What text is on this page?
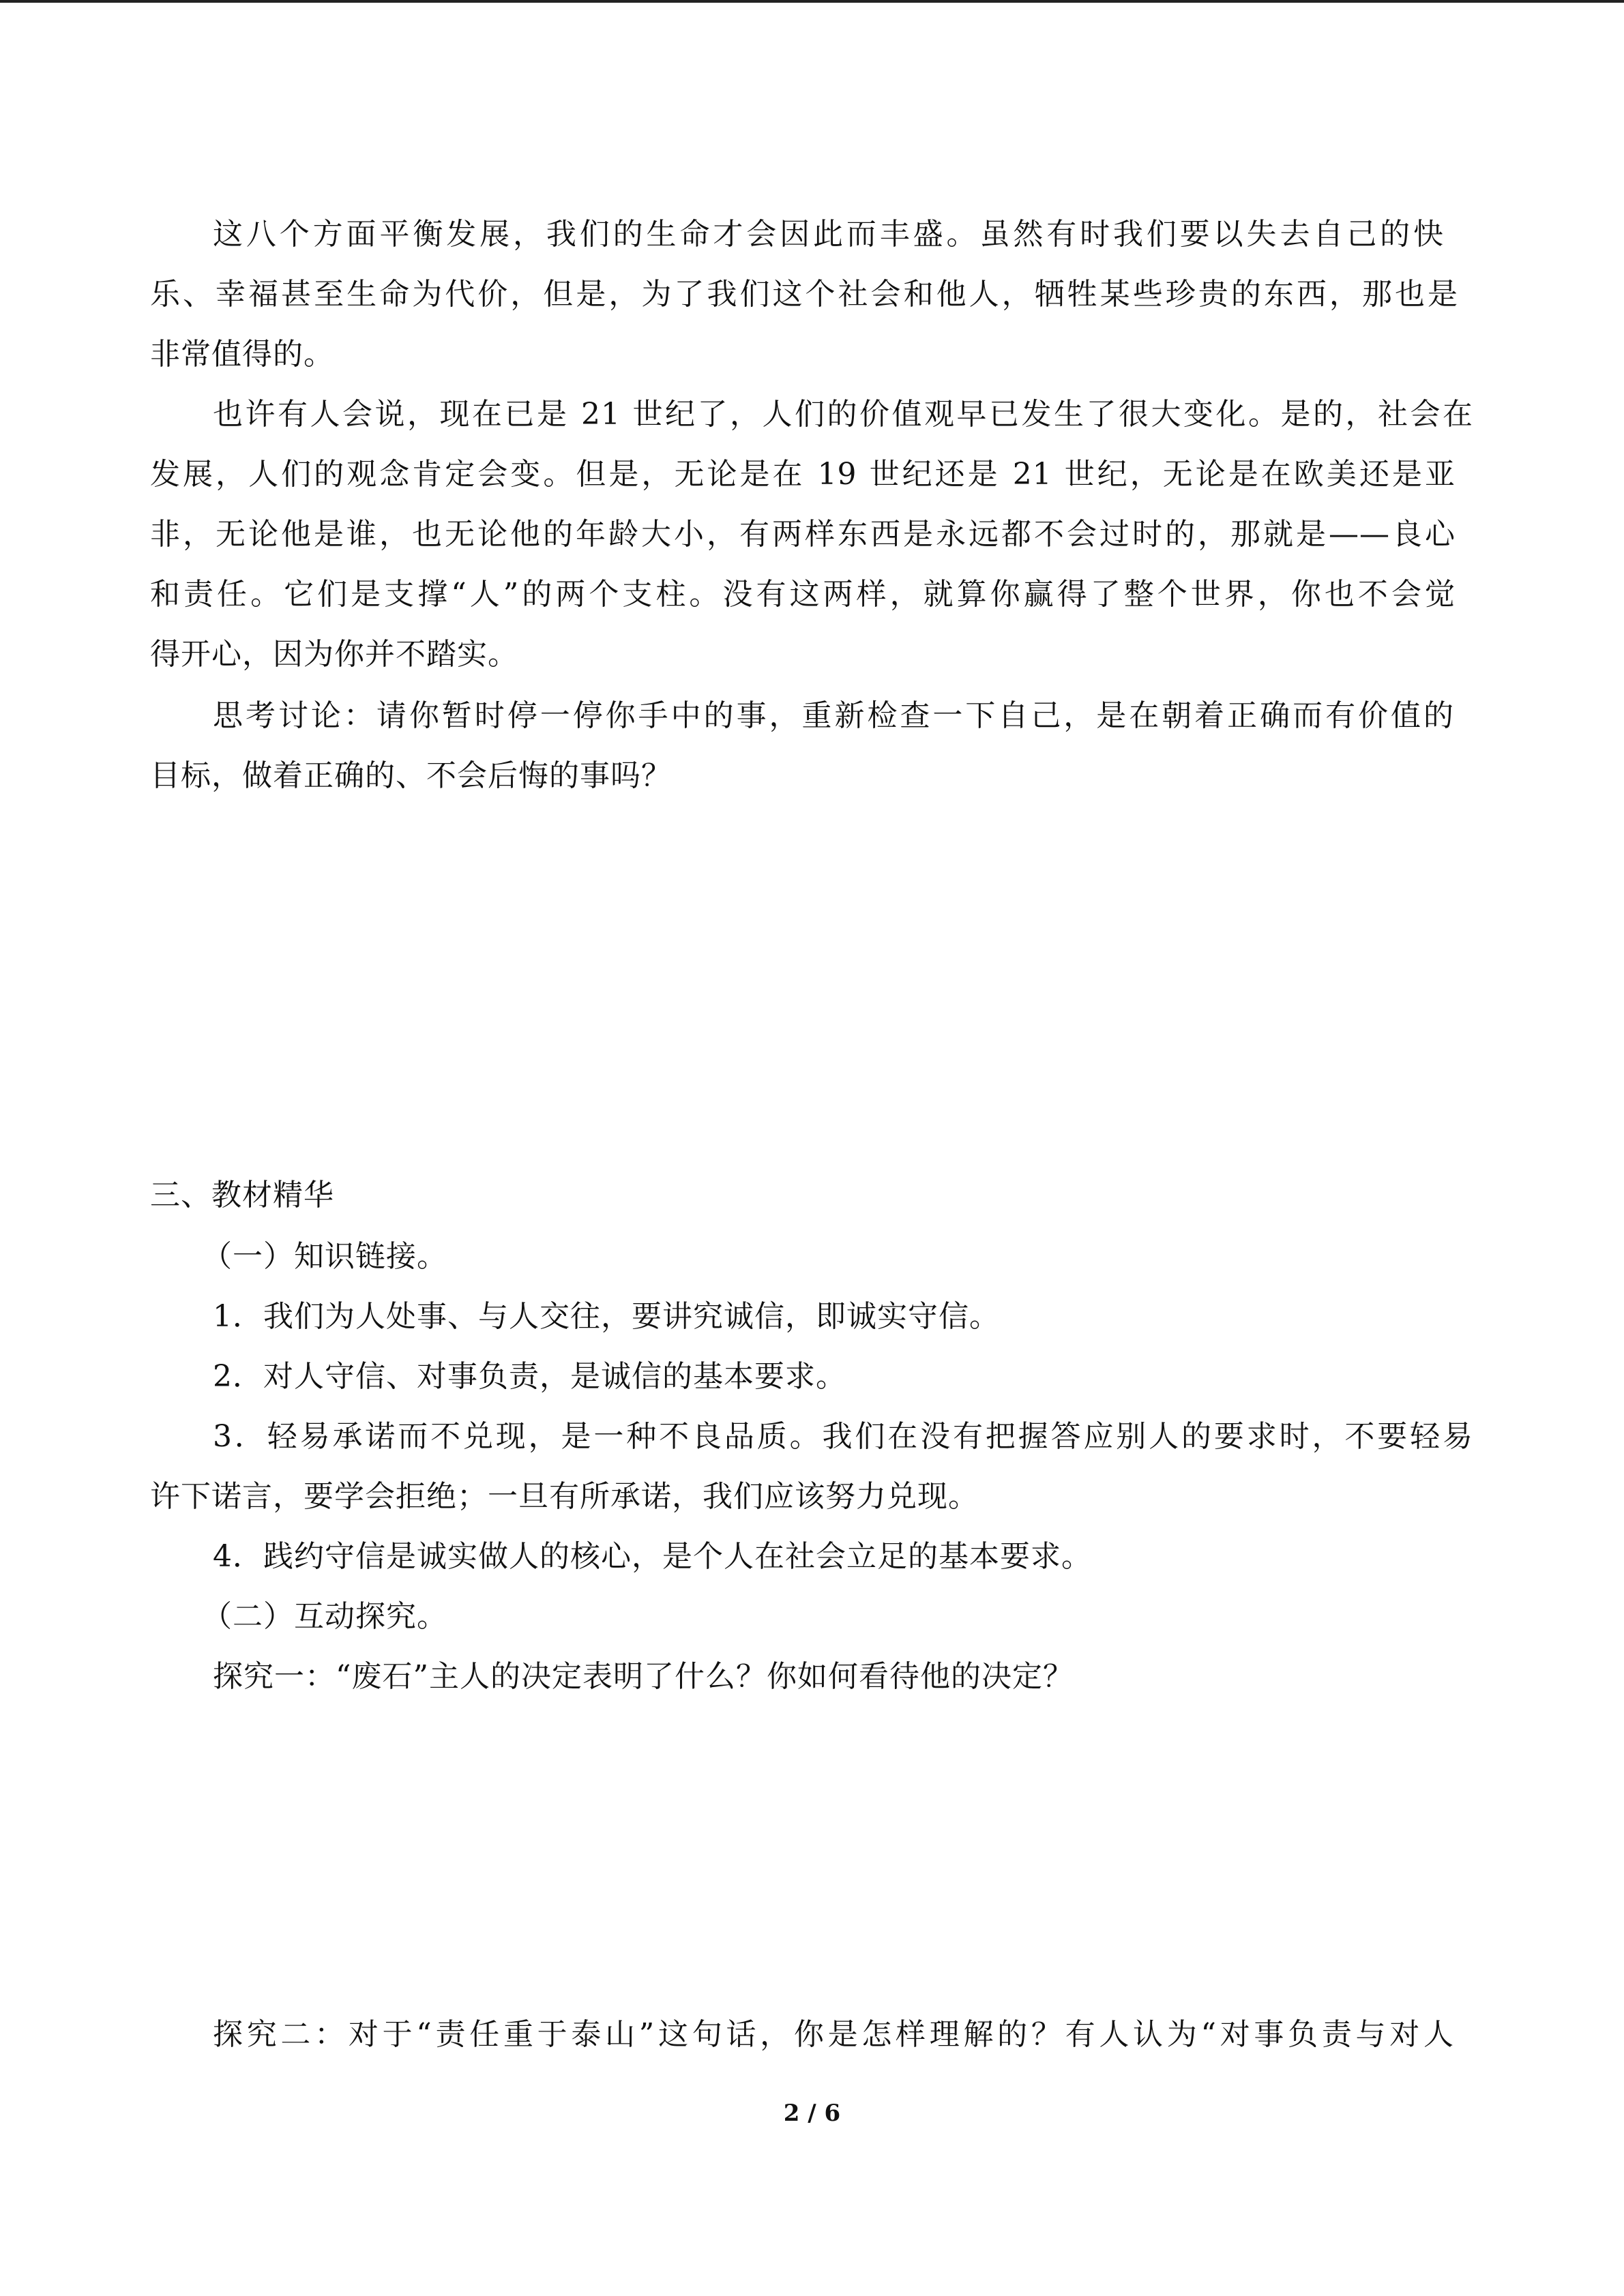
这八个方面平衡发展，我们的生命才会因此而丰盛。虽然有时我们要以失去自己的快
乐、幸福甚至生命为代价，但是，为了我们这个社会和他人，牺牲某些珍贵的东西，那也是
非常值得的。
也许有人会说，现在已是 21 世纪了，人们的价值观早已发生了很大变化。是的，社会在
发展，人们的观念肯定会变。但是，无论是在 19 世纪还是 21 世纪，无论是在欧美还是亚
非，无论他是谁，也无论他的年龄大小，有两样东西是永远都不会过时的，那就是——良心
和责任。它们是支撑“人”的两个支柱。没有这两样，就算你赢得了整个世界，你也不会觉
得开心，因为你并不踏实。
思考讨论：请你暂时停一停你手中的事，重新检查一下自己，是在朝着正确而有价值的
目标，做着正确的、不会后悔的事吗？
三、教材精华
（一）知识链接。
1．我们为人处事、与人交往，要讲究诚信，即诚实守信。
2．对人守信、对事负责，是诚信的基本要求。
3．轻易承诺而不兑现，是一种不良品质。我们在没有把握答应别人的要求时，不要轻易
许下诺言，要学会拒绝；一旦有所承诺，我们应该努力兑现。
4．践约守信是诚实做人的核心，是个人在社会立足的基本要求。
（二）互动探究。
探究一：“废石”主人的决定表明了什么？你如何看待他的决定？
探究二：对于“责任重于泰山”这句话，你是怎样理解的？有人认为“对事负责与对人
2 / 6
